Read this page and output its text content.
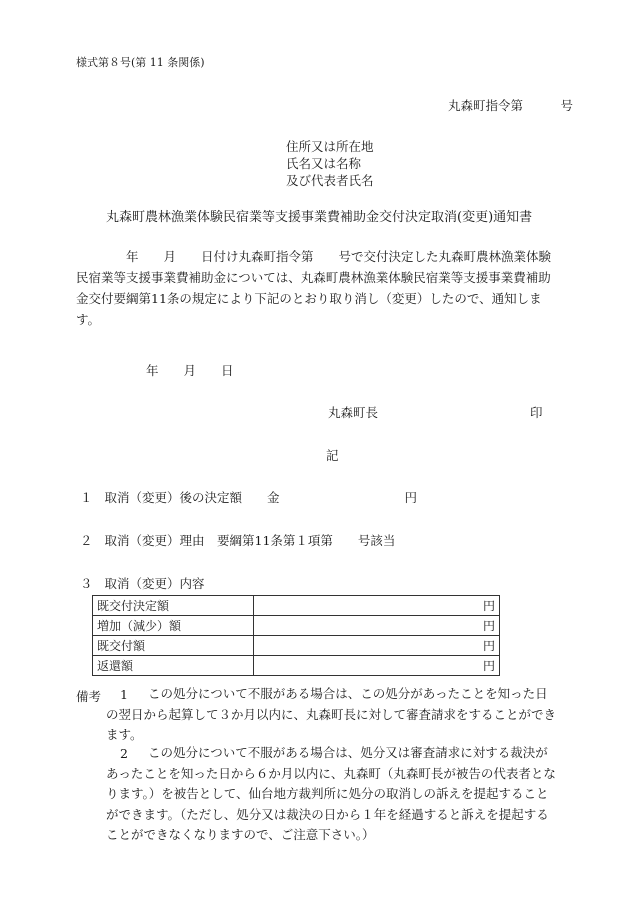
様式第８号(第 11 条関係)
丸森町指令第　　　号
住所又は所在地
氏名又は名称
及び代表者氏名
丸森町農林漁業体験民宿業等支援事業費補助金交付決定取消(変更)通知書
　　　　年　　月　　日付け丸森町指令第　　号で交付決定した丸森町農林漁業体験民宿業等支援事業費補助金については、丸森町農林漁業体験民宿業等支援事業費補助金交付要綱第11条の規定により下記のとおり取り消し（変更）したので、通知します。
年　　月　　日
丸森町長	印
記
１ 取消（変更）後の決定額　　金　　　　　　　　　　円
２ 取消（変更）理由　要綱第11条第１項第　　号該当
３ 取消（変更）内容
既交付決定額	円
増加（減少）額	円
既交付額	円
返還額	円
備考 1	この処分について不服がある場合は、この処分があったことを知った日の翌日から起算して３か月以内に、丸森町長に対して審査請求をすることができます。
2	この処分について不服がある場合は、処分又は審査請求に対する裁決があったことを知った日から６か月以内に、丸森町（丸森町長が被告の代表者となります。）を被告として、仙台地方裁判所に処分の取消しの訴えを提起することができます。（ただし、処分又は裁決の日から１年を経過すると訴えを提起することができなくなりますので、ご注意下さい。）
